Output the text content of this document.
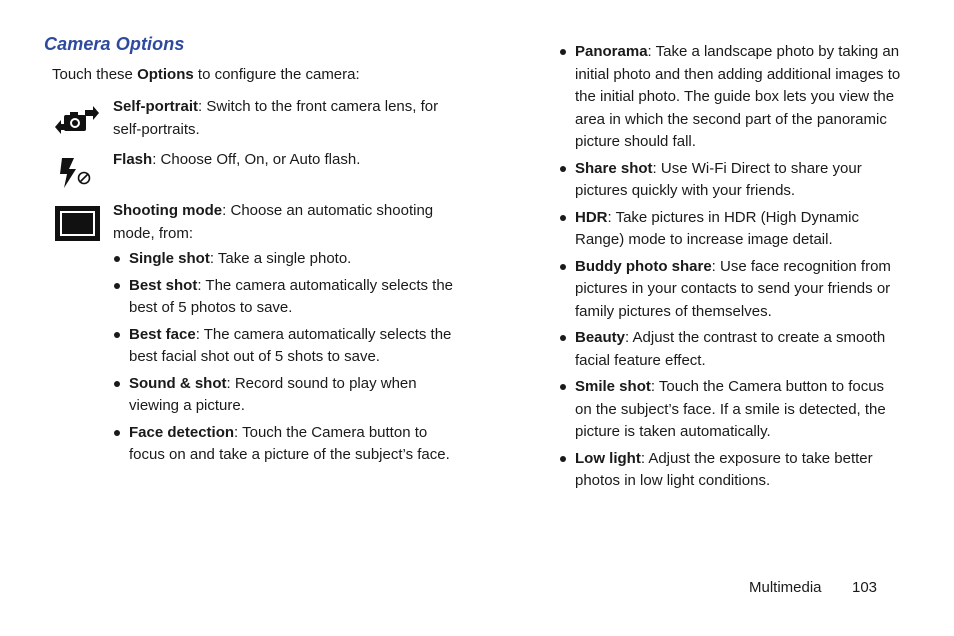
Camera Options
Touch these Options to configure the camera:
Self-portrait: Switch to the front camera lens, for self-portraits.
Flash: Choose Off, On, or Auto flash.
Shooting mode: Choose an automatic shooting mode, from:
Single shot: Take a single photo.
Best shot: The camera automatically selects the best of 5 photos to save.
Best face: The camera automatically selects the best facial shot out of 5 shots to save.
Sound & shot: Record sound to play when viewing a picture.
Face detection: Touch the Camera button to focus on and take a picture of the subject’s face.
Panorama: Take a landscape photo by taking an initial photo and then adding additional images to the initial photo. The guide box lets you view the area in which the second part of the panoramic picture should fall.
Share shot: Use Wi-Fi Direct to share your pictures quickly with your friends.
HDR: Take pictures in HDR (High Dynamic Range) mode to increase image detail.
Buddy photo share: Use face recognition from pictures in your contacts to send your friends or family pictures of themselves.
Beauty: Adjust the contrast to create a smooth facial feature effect.
Smile shot: Touch the Camera button to focus on the subject’s face. If a smile is detected, the picture is taken automatically.
Low light: Adjust the exposure to take better photos in low light conditions.
Multimedia 103
